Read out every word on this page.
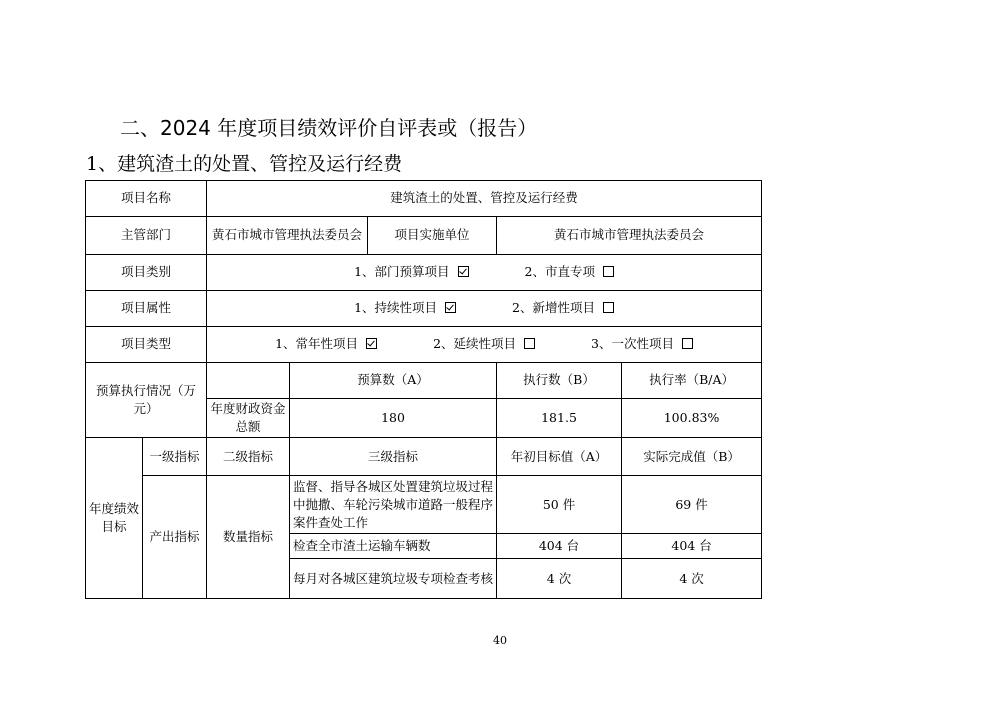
二、2024 年度项目绩效评价自评表或（报告）
1、建筑渣土的处置、管控及运行经费
项目名称		建筑渣土的处置、管控及运行经费				
主管部门		黄石市城市管理执法委员会		项目实施单位	黄石市城市管理执法委员会	
项目类别		1、部门预算项目 2、市直专项				
项目属性		1、持续性项目 2、新增性项目				
项目类型		1、常年性项目 2、延续性项目 3、一次性项目				
预算执行情况（万元）			预算数（A）		执行数（B）	执行率（B/A）
		年度财政资金总额	180		181.5	100.83%
年度绩效目标	一级指标	二级指标	三级指标		年初目标值（A）	实际完成值（B）
	产出指标	数量指标	监督、指导各城区处置建筑垃圾过程中抛撒、车轮污染城市道路一般程序案件查处工作		50 件	69 件
			检查全市渣土运输车辆数		404 台	404 台
			每月对各城区建筑垃圾专项检查考核		4 次	4 次
40
